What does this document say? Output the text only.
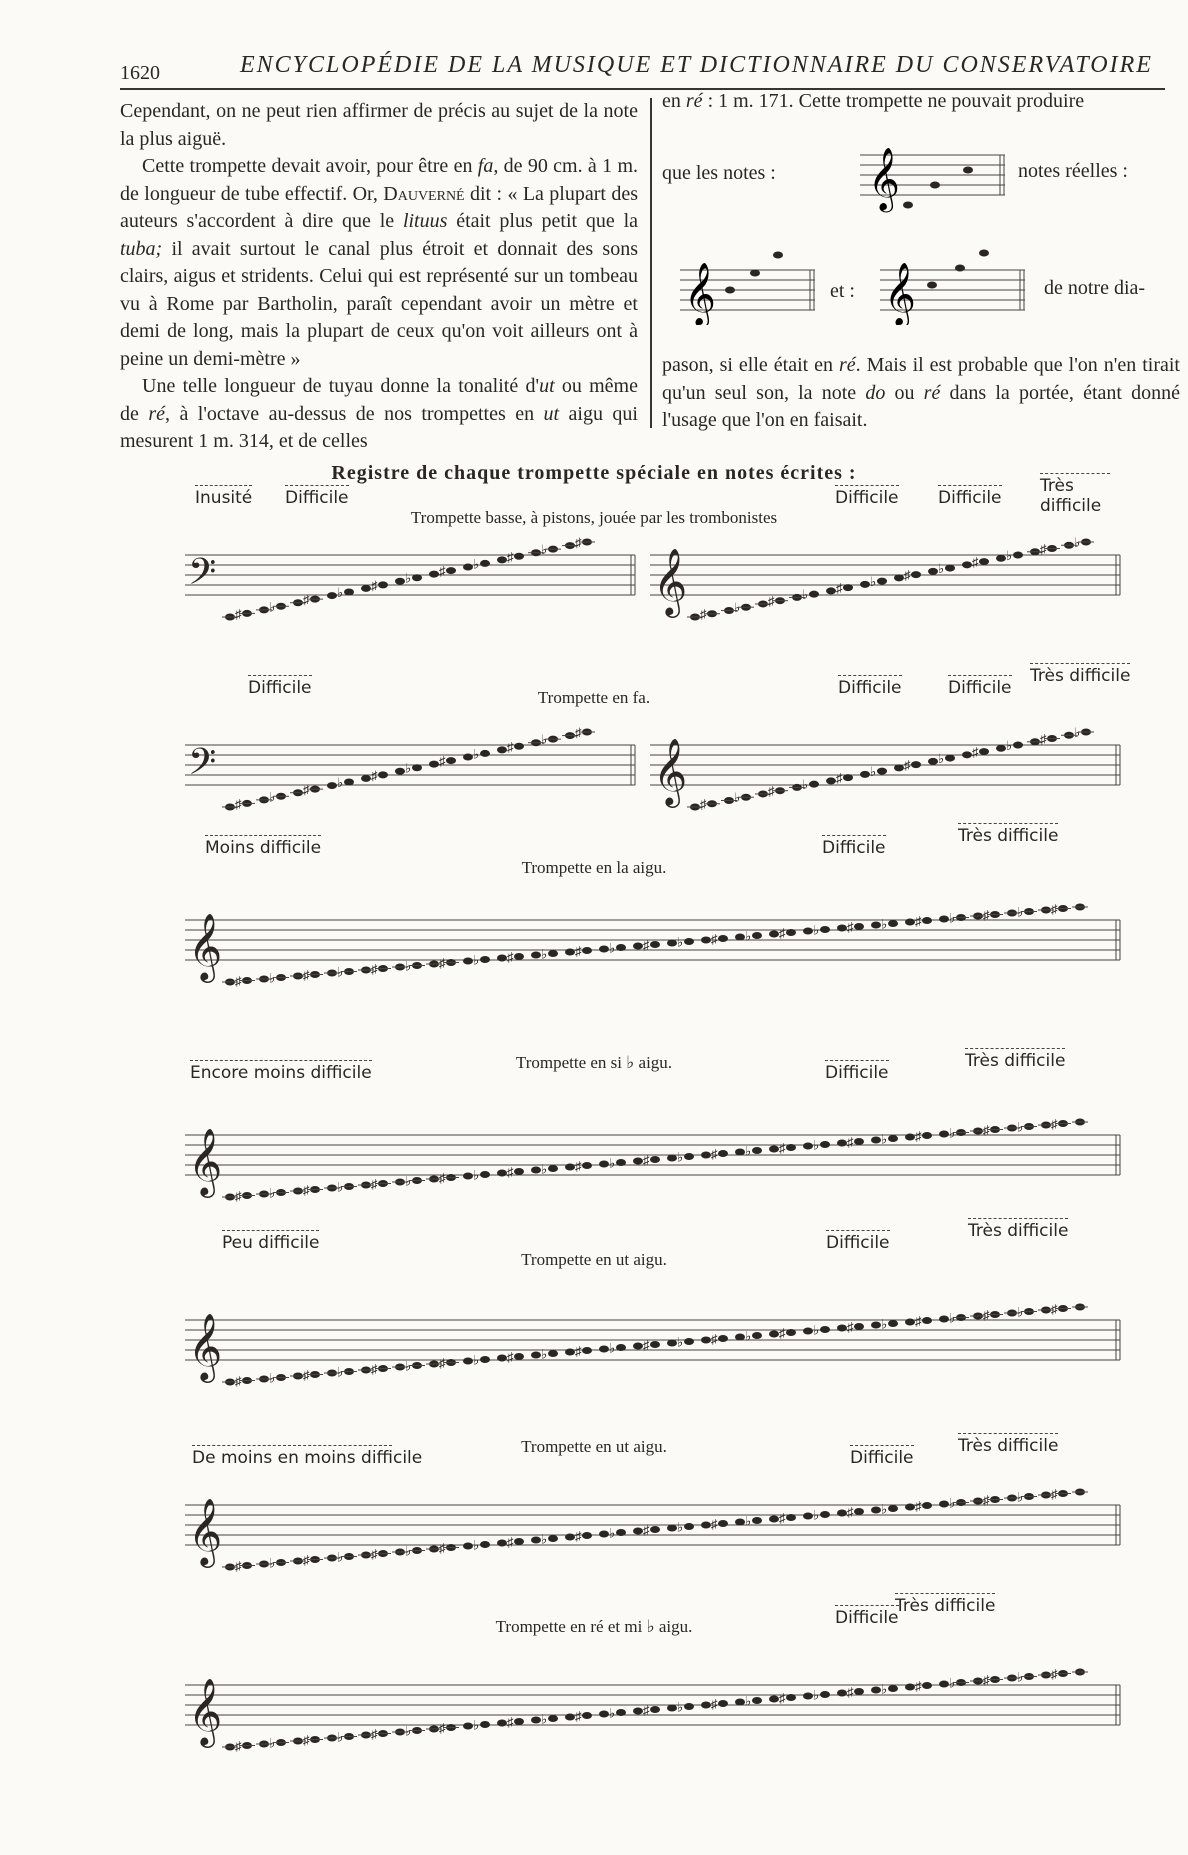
1620	ENCYCLOPÉDIE DE LA MUSIQUE ET DICTIONNAIRE DU CONSERVATOIRE

Cependant, on ne peut rien affirmer de précis au sujet de la note la plus aiguë.

Cette trompette devait avoir, pour être en fa, de 90 cm. à 1 m. de longueur de tube effectif. Or, Dauverné dit : « La plupart des auteurs s'accordent à dire que le lituus était plus petit que la tuba; il avait surtout le canal plus étroit et donnait des sons clairs, aigus et stridents. Celui qui est représenté sur un tombeau vu à Rome par Bartholin, paraît cependant avoir un mètre et demi de long, mais la plupart de ceux qu'on voit ailleurs ont à peine un demi-mètre »

Une telle longueur de tuyau donne la tonalité d'ut ou même de ré, à l'octave au-dessus de nos trompettes en ut aigu qui mesurent 1 m. 314, et de celles

en ré : 1 m. 171. Cette trompette ne pouvait produire

que les notes : 𝄞	notes réelles :
𝄞	et : 𝄞	de notre dia-

pason, si elle était en ré. Mais il est probable que l'on n'en tirait qu'un seul son, la note do ou ré dans la portée, étant donné l'usage que l'on en faisait.

Registre de chaque trompette spéciale en notes écrites :
Trompette basse, à pistons, jouée par les trombonistes
𝄢
♯ ♭ ♯ ♭ ♯ ♭ ♯ ♭ ♯ ♭ ♯
𝄞 ♯ ♭ ♯ ♭ ♯ ♭ ♯ ♭ ♯ ♭ ♯ ♭
Inusité Difficile	Difficile Difficile
Très difficile
Trompette en fa.
𝄢
♯ ♭ ♯ ♭ ♯ ♭ ♯ ♭ ♯ ♭ ♯
𝄞 ♯ ♭ ♯ ♭ ♯ ♭ ♯ ♭ ♯ ♭ ♯ ♭
Difficile	Difficile	Difficile
Très difficile
Trompette en la aigu.
𝄞
♯ ♭ ♯ ♭ ♯ ♭ ♯ ♭ ♯ ♭ ♯ ♭ ♯ ♭ ♯ ♭ ♯ ♭ ♯ ♭ ♯ ♭ ♯ ♭ ♯
Moins difficile	Difficile
Très difficile
Trompette en si ♭ aigu.
𝄞
♯ ♭ ♯ ♭ ♯ ♭ ♯ ♭ ♯ ♭ ♯ ♭ ♯ ♭ ♯ ♭ ♯ ♭ ♯ ♭ ♯ ♭ ♯ ♭ ♯
Encore moins difficile	Difficile
Très difficile
Trompette en ut aigu.
𝄞
♯ ♭ ♯ ♭ ♯ ♭ ♯ ♭ ♯ ♭ ♯ ♭ ♯ ♭ ♯ ♭ ♯ ♭ ♯ ♭ ♯ ♭ ♯ ♭ ♯
Peu difficile	Difficile
Très difficile
Trompette en ut aigu.
𝄞
♯ ♭ ♯ ♭ ♯ ♭ ♯ ♭ ♯ ♭ ♯ ♭ ♯ ♭ ♯ ♭ ♯ ♭ ♯ ♭ ♯ ♭ ♯ ♭ ♯
De moins en moins difficile	Difficile
Très difficile
Trompette en ré et mi ♭ aigu.
𝄞
♯ ♭ ♯ ♭ ♯ ♭ ♯ ♭ ♯ ♭ ♯ ♭ ♯ ♭ ♯ ♭ ♯ ♭ ♯ ♭ ♯ ♭ ♯ ♭ ♯
Difficile
Très difficile
